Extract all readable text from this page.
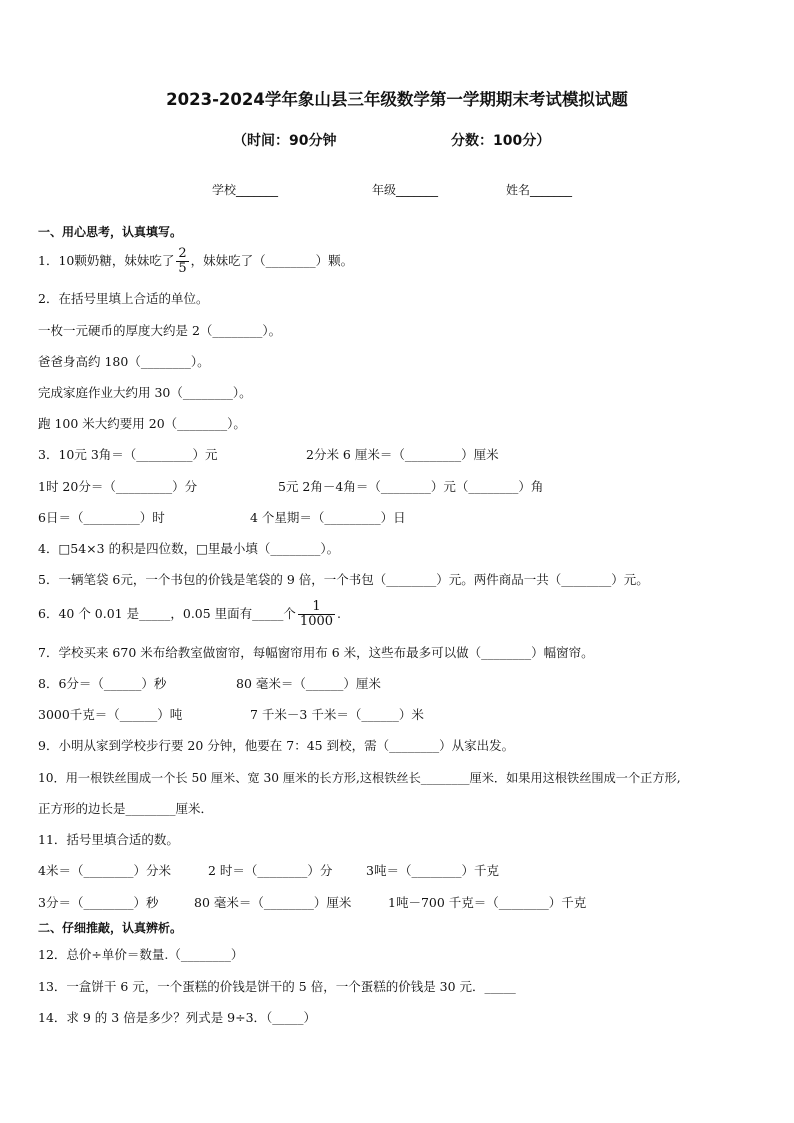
2023-2024学年象山县三年级数学第一学期期末考试模拟试题
（时间：90分钟	分数：100分）
学校_______	年级_______	姓名_______
一、用心思考，认真填写。
1．10颗奶糖，妹妹吃了 $\frac{2}{5}$ ，妹妹吃了（________）颗。
2．在括号里填上合适的单位。
一枚一元硬币的厚度大约是 2（________）。
爸爸身高约 180（________）。
完成家庭作业大约用 30（________）。
跑 100 米大约要用 20（________）。
3．10元 3角＝（_________）元	2分米 6 厘米＝（_________）厘米
1时 20分＝（_________）分	5元 2角－4角＝（________）元（________）角
6日＝（_________）时	4 个星期＝（_________）日
4．□54×3 的积是四位数，□里最小填（________）。
5．一辆笔袋 6元，一个书包的价钱是笔袋的 9 倍，一个书包（________）元。两件商品一共（________）元。
6．40 个 0.01 是_____，0.05 里面有_____个 $\frac{1}{1000}$ .
7．学校买来 670 米布给教室做窗帘，每幅窗帘用布 6 米，这些布最多可以做（________）幅窗帘。
8．6分＝（______）秒	80 毫米＝（______）厘米
3000千克＝（______）吨	7 千米－3 千米＝（______）米
9．小明从家到学校步行要 20 分钟，他要在 7：45 到校，需（________）从家出发。
10．用一根铁丝围成一个长 50 厘米、宽 30 厘米的长方形,这根铁丝长________厘米．如果用这根铁丝围成一个正方形,
正方形的边长是________厘米．
11．括号里填合适的数。
4米＝（________）分米	2 时＝（________）分	3吨＝（________）千克
3分＝（________）秒	80 毫米＝（________）厘米	1吨－700 千克＝（________）千克
二、仔细推敲，认真辨析。
12．总价÷单价＝数量.（________）
13．一盒饼干 6 元，一个蛋糕的价钱是饼干的 5 倍，一个蛋糕的价钱是 30 元．_____
14．求 9 的 3 倍是多少？列式是 9÷3．（_____）
